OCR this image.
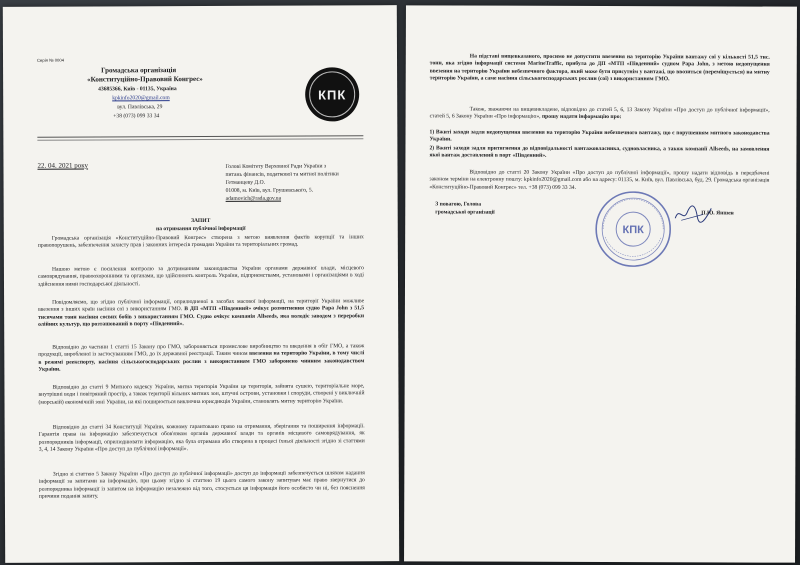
Серія № 0004
Громадська організація
«Конституційно-Правовий Конгрес»
43685366, Київ - 01135, Україна
kpkinfo2020@gmail.com
вул. Павлівська, 29
+38 (073) 099 33 34
КПК
22. 04. 2021 року	Голові Комітету Верховної Ради України з
питань фінансів, податкової та митної політики
Гетманцеву Д.О.
01008, м. Київ, вул. Грушевського, 5.
adamovich@rada.gov.ua
ЗАПИТ
на отримання публічної інформації
Громадська організація «Конституційно-Правовий Конгрес» створена з метою виявлення фактів корупції та інших правопорушень, забезпечення захисту прав і законних інтересів громадян України та територіальних громад.
Нашою метою є посилення контролю за дотриманням законодавства України органами державної влади, місцевого самоврядування, правоохоронними та органами, що здійснюють контроль України, підприємствами, установами і організаціями в ході здійснення ними господарської діяльності.
Повідомляємо, що згідно публічної інформації, оприлюдненої в засобах масової інформації, на території України можливе ввезення з інших країн насіння сої з використанням ГМО. В ДП «МТП «Південний» очікує розмитнення судно Papa John з 51,5 тисячами тонн насіння соєвих бобів з використанням ГМО. Судно очікує компанія Allseeds, яка володіє заводом з переробки олійних культур, що розташований в порту «Південний».
Відповідно до частини 1 статті 15 Закону про ГМО, забороняється промислове виробництво та введення в обіг ГМО, а також продукції, виробленої із застосуванням ГМО, до їх державної реєстрації. Таким чином ввезення на територію України, в тому числі в режимі реекспорту, насіння сільськогосподарських рослин з використанням ГМО заборонено чинним законодавством України.
Відповідно до статті 9 Митного кодексу України, митна територія України це територія, зайнята сушею, територіальне море, внутрішні води і повітряний простір, а також території вільних митних зон, штучні острови, установки і споруди, створені у виключній (морській) економічній зоні України, на які поширюється виключна юрисдикція України, становлять митну територію України.
Відповідно до статті 34 Конституції України, кожному гарантовано право на отримання, зберігання та поширення інформації. Гарантія права на інформацію забезпечується обов'язком органів державної влади та органів місцевого самоврядування, як розпорядників інформації, оприлюднювати інформацію, яка була отримана або створена в процесі їхньої діяльності згідно зі статтями 3, 4, 14 Закону України «Про доступ до публічної інформації».
Згідно зі статтею 5 Закону України «Про доступ до публічної інформації» доступ до інформації забезпечується шляхом надання інформації за запитами на інформацію, при цьому згідно зі статтею 19 цього самого закону запитувач має право звернутися до розпорядника інформації із запитом на інформацію незалежно від того, стосується ця інформація його особисто чи ні, без пояснення причини подання запиту.
На підставі вищевказаного, просимо не допустити ввезення на територію України вантажу сої у кількості 51,5 тис. тонн, яка згідно інформації системи MarineTraffic, прибула до ДП «МТП «Південний» судном Papa John, з метою недопущення ввезення на територію України небезпечного фактора, який може бути присутнім у вантажі, що ввозиться (переміщується) на митну територію України, а саме насіння сільськогосподарських рослин (сої) з використанням ГМО.
Також, зважаючи на вищевикладене, відповідно до статей 5, 6, 13 Закону України «Про доступ до публічної інформації», статей 5, 6 Закону України «Про інформацію», прошу надати інформацію про:
1) Вжиті заходи задля недопущення ввезення на територію України небезпечного вантажу, що є порушенням митного законодавства України.
2) Вжиті заходи задля притягнення до відповідальності вантажовласника, судновласника, а також компанії Allseeds, на замовлення якої вантаж доставлений в порт «Південний».
Відповідно до статті 20 Закону України «Про доступ до публічної інформації», прошу надати відповідь в передбачені законом терміни на електронну пошту: kpkinfo2020@gmail.com або на адресу: 01135, м. Київ, вул. Павлівська, буд. 29. Громадська організація «Конституційно-Правовий Конгрес» тел. +38 (073) 099 33 34.
З повагою, Голова
громадської організації
КПК
П.Ю. Яншен
